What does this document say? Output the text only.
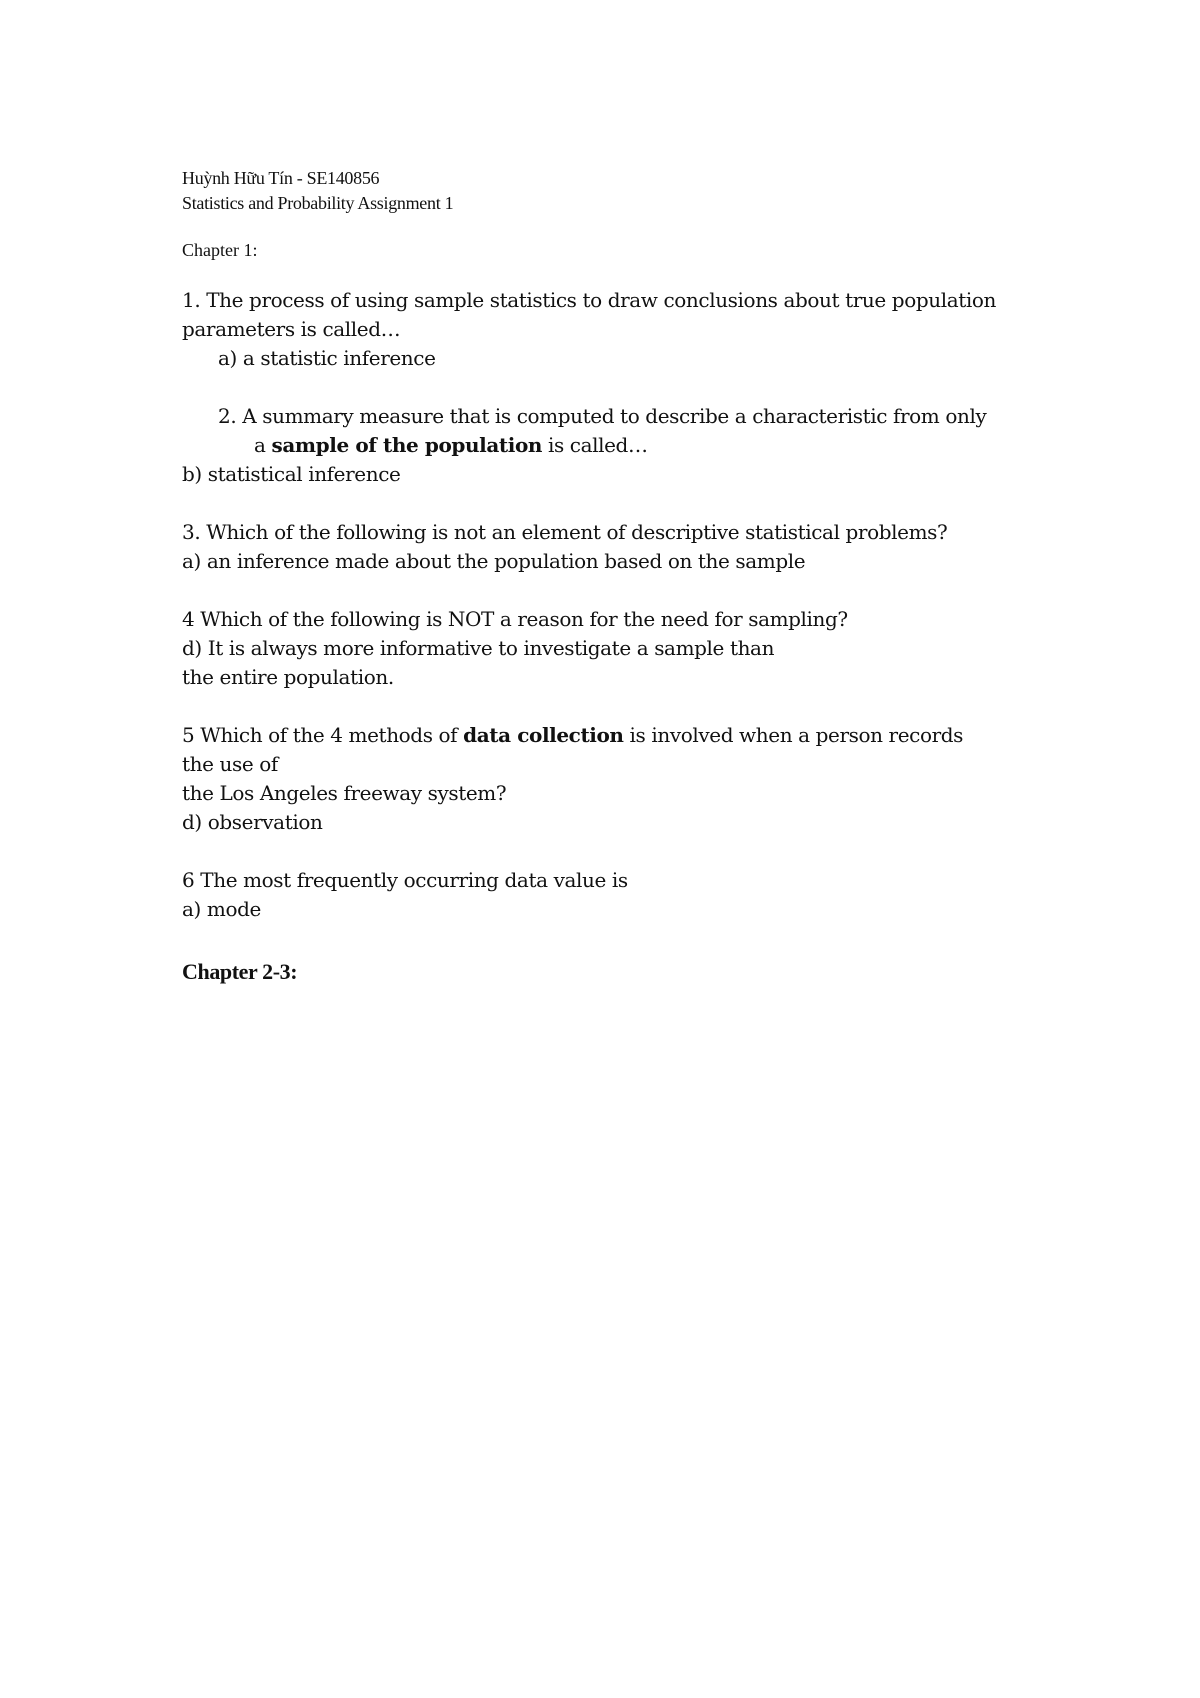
Huỳnh Hữu Tín - SE140856
Statistics and Probability Assignment 1
Chapter 1:
1. The process of using sample statistics to draw conclusions about true population
parameters is called…
a) a statistic inference
2. A summary measure that is computed to describe a characteristic from only
a sample of the population is called…
b) statistical inference
3. Which of the following is not an element of descriptive statistical problems?
a) an inference made about the population based on the sample
4 Which of the following is NOT a reason for the need for sampling?
d) It is always more informative to investigate a sample than
the entire population.
5 Which of the 4 methods of data collection is involved when a person records
the use of
the Los Angeles freeway system?
d) observation
6 The most frequently occurring data value is
a) mode
Chapter 2-3:
